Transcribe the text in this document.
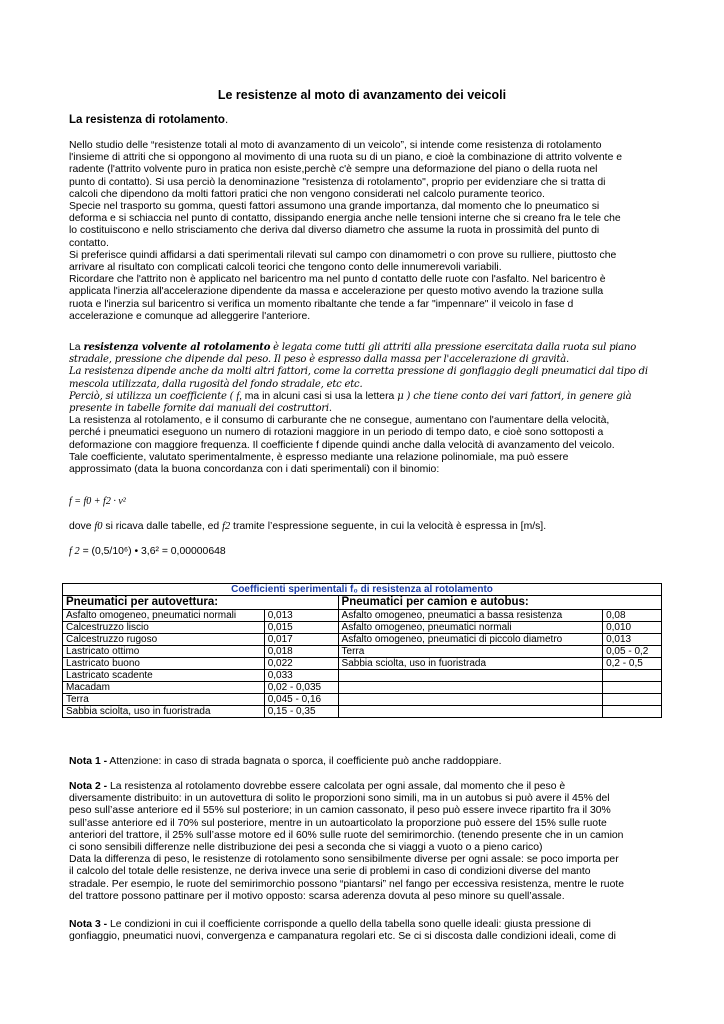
Le resistenze al moto di avanzamento dei veicoli
La resistenza di rotolamento.
Nello studio delle “resistenze totali al moto di avanzamento di un veicolo”, si intende come resistenza di rotolamento
l'insieme di attriti che si oppongono al movimento di una ruota su di un piano, e cioè la combinazione di attrito volvente e
radente (l'attrito volvente puro in pratica non esiste,perchè c'è sempre una deformazione del piano o della ruota nel
punto di contatto). Si usa perciò la denominazione "resistenza di rotolamento", proprio per evidenziare che si tratta di
calcoli che dipendono da molti fattori pratici che non vengono considerati nel calcolo puramente teorico.
Specie nel trasporto su gomma, questi fattori assumono una grande importanza, dal momento che lo pneumatico si
deforma e si schiaccia nel punto di contatto, dissipando energia anche nelle tensioni interne che si creano fra le tele che
lo costituiscono e nello strisciamento che deriva dal diverso diametro che assume la ruota in prossimità del punto di
contatto.
Si preferisce quindi affidarsi a dati sperimentali rilevati sul campo con dinamometri o con prove su rulliere, piuttosto che
arrivare al risultato con complicati calcoli teorici che tengono conto delle innumerevoli variabili.
Ricordare che l'attrito non è applicato nel baricentro ma nel punto d contatto delle ruote con l'asfalto. Nel baricentro è
applicata l'inerzia all'accelerazione dipendente da massa e accelerazione per questo motivo avendo la trazione sulla
ruota e l'inerzia sul baricentro si verifica un momento ribaltante che tende a far "impennare" il veicolo in fase d
accelerazione e comunque ad alleggerire l'anteriore.
La resistenza volvente al rotolamento è legata come tutti gli attriti alla pressione esercitata dalla ruota sul piano
stradale, pressione che dipende dal peso. Il peso è espresso dalla massa per l'accelerazione di gravità.
La resistenza dipende anche da molti altri fattori, come la corretta pressione di gonfiaggio degli pneumatici dal tipo di
mescola utilizzata, dalla rugosità del fondo stradale, etc etc.
Perciò, si utilizza un coefficiente ( f, ma in alcuni casi si usa la lettera μ ) che tiene conto dei vari fattori, in genere già
presente in tabelle fornite dai manuali dei costruttori.
La resistenza al rotolamento, e il consumo di carburante che ne consegue, aumentano con l'aumentare della velocità,
perché i pneumatici eseguono un numero di rotazioni maggiore in un periodo di tempo dato, e cioè sono sottoposti a
deformazione con maggiore frequenza. Il coefficiente f dipende quindi anche dalla velocità di avanzamento del veicolo.
Tale coefficiente, valutato sperimentalmente, è espresso mediante una relazione polinomiale, ma può essere
approssimato (data la buona concordanza con i dati sperimentali) con il binomio:
f = f0 + f2 · v²
dove f0 si ricava dalle tabelle, ed f2 tramite l’espressione seguente, in cui la velocità è espressa in [m/s].
f 2 = (0,5/10⁶) • 3,6² = 0,00000648
Coefficienti sperimentali f₀ di resistenza al rotolamento			
Pneumatici per autovettura:		Pneumatici per camion e autobus:	
Asfalto omogeneo, pneumatici normali	0,013	Asfalto omogeneo, pneumatici a bassa resistenza	0,08
Calcestruzzo liscio	0,015	Asfalto omogeneo, pneumatici normali	0,010
Calcestruzzo rugoso	0,017	Asfalto omogeneo, pneumatici di piccolo diametro	0,013
Lastricato ottimo	0,018	Terra	0,05 - 0,2
Lastricato buono	0,022	Sabbia sciolta, uso in fuoristrada	0,2 - 0,5
Lastricato scadente	0,033		
Macadam	0,02 - 0,035		
Terra	0,045 - 0,16		
Sabbia sciolta, uso in fuoristrada	0,15 - 0,35		
Nota 1 - Attenzione: in caso di strada bagnata o sporca, il coefficiente può anche raddoppiare.
Nota 2 - La resistenza al rotolamento dovrebbe essere calcolata per ogni assale, dal momento che il peso è
diversamente distribuito: in un autovettura di solito le proporzioni sono simili, ma in un autobus si può avere il 45% del
peso sull’asse anteriore ed il 55% sul posteriore; in un camion cassonato, il peso può essere invece ripartito fra il 30%
sull’asse anteriore ed il 70% sul posteriore, mentre in un autoarticolato la proporzione può essere del 15% sulle ruote
anteriori del trattore, il 25% sull’asse motore ed il 60% sulle ruote del semirimorchio. (tenendo presente che in un camion
ci sono sensibili differenze nelle distribuzione dei pesi a seconda che si viaggi a vuoto o a pieno carico)
Data la differenza di peso, le resistenze di rotolamento sono sensibilmente diverse per ogni assale: se poco importa per
il calcolo del totale delle resistenze, ne deriva invece una serie di problemi in caso di condizioni diverse del manto
stradale. Per esempio, le ruote del semirimorchio possono “piantarsi” nel fango per eccessiva resistenza, mentre le ruote
del trattore possono pattinare per il motivo opposto: scarsa aderenza dovuta al peso minore su quell’assale.
Nota 3 - Le condizioni in cui il coefficiente corrisponde a quello della tabella sono quelle ideali: giusta pressione di
gonfiaggio, pneumatici nuovi, convergenza e campanatura regolari etc. Se ci si discosta dalle condizioni ideali, come di
